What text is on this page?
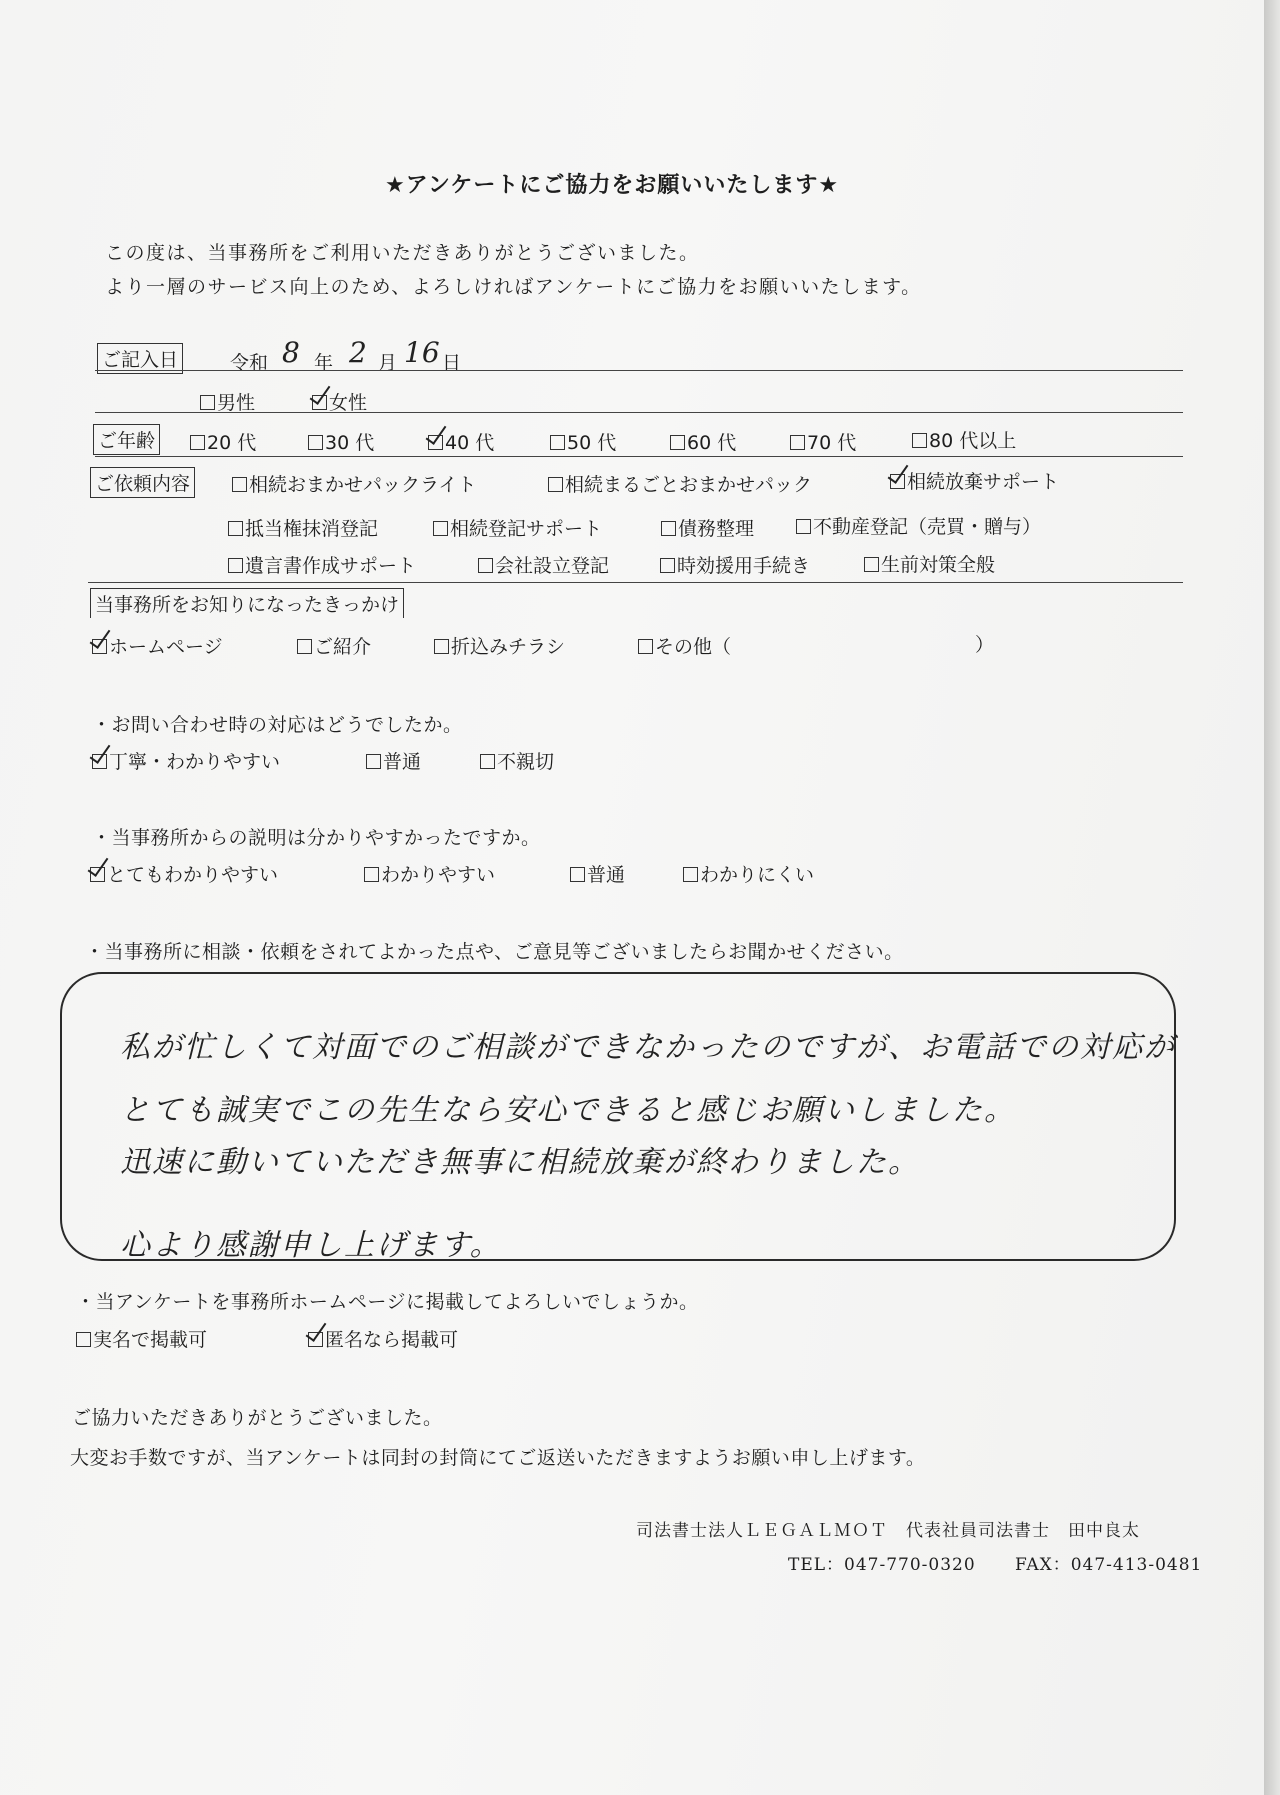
★アンケートにご協力をお願いいたします★
この度は、当事務所をご利用いただきありがとうございました。
より一層のサービス向上のため、よろしければアンケートにご協力をお願いいたします。
ご記入日	令和 8 年 2 月 16 日
男性	女性
ご年齢	20 代	30 代	40 代	50 代	60 代	70 代	80 代以上
ご依頼内容	相続おまかせパックライト	相続まるごとおまかせパック	相続放棄サポート
抵当権抹消登記	相続登記サポート	債務整理	不動産登記（売買・贈与）
遺言書作成サポート	会社設立登記	時効援用手続き	生前対策全般
当事務所をお知りになったきっかけ
ホームページ	ご紹介	折込みチラシ	その他（	）
・お問い合わせ時の対応はどうでしたか。
丁寧・わかりやすい	普通	不親切
・当事務所からの説明は分かりやすかったですか。
とてもわかりやすい	わかりやすい	普通	わかりにくい
・当事務所に相談・依頼をされてよかった点や、ご意見等ございましたらお聞かせください。
私が忙しくて対面でのご相談ができなかったのですが、お電話での対応が
とても誠実でこの先生なら安心できると感じお願いしました。
迅速に動いていただき無事に相続放棄が終わりました。
心より感謝申し上げます。
・当アンケートを事務所ホームページに掲載してよろしいでしょうか。
実名で掲載可	匿名なら掲載可
ご協力いただきありがとうございました。
大変お手数ですが、当アンケートは同封の封筒にてご返送いただきますようお願い申し上げます。
司法書士法人ＬＥＧＡＬＭＯＴ　代表社員司法書士　田中良太
TEL：047-770-0320 FAX：047-413-0481
